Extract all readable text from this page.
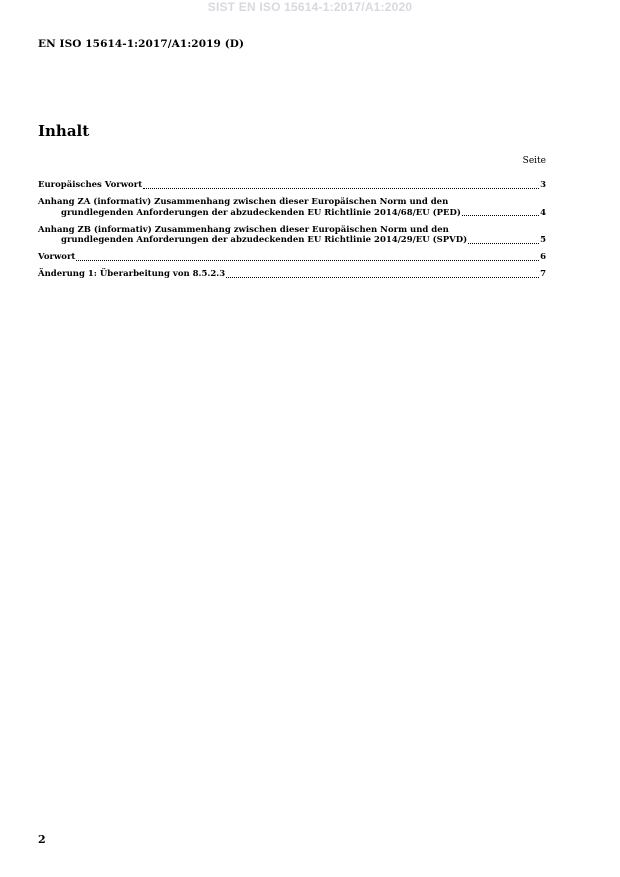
SIST EN ISO 15614-1:2017/A1:2020
EN ISO 15614-1:2017/A1:2019 (D)
Inhalt
Seite
Europäisches Vorwort	3
Anhang ZA (informativ) Zusammenhang zwischen dieser Europäischen Norm und den
grundlegenden Anforderungen der abzudeckenden EU Richtlinie 2014/68/EU (PED)	4
Anhang ZB (informativ) Zusammenhang zwischen dieser Europäischen Norm und den
grundlegenden Anforderungen der abzudeckenden EU Richtlinie 2014/29/EU (SPVD)	5
Vorwort	6
Änderung 1: Überarbeitung von 8.5.2.3	7
2
